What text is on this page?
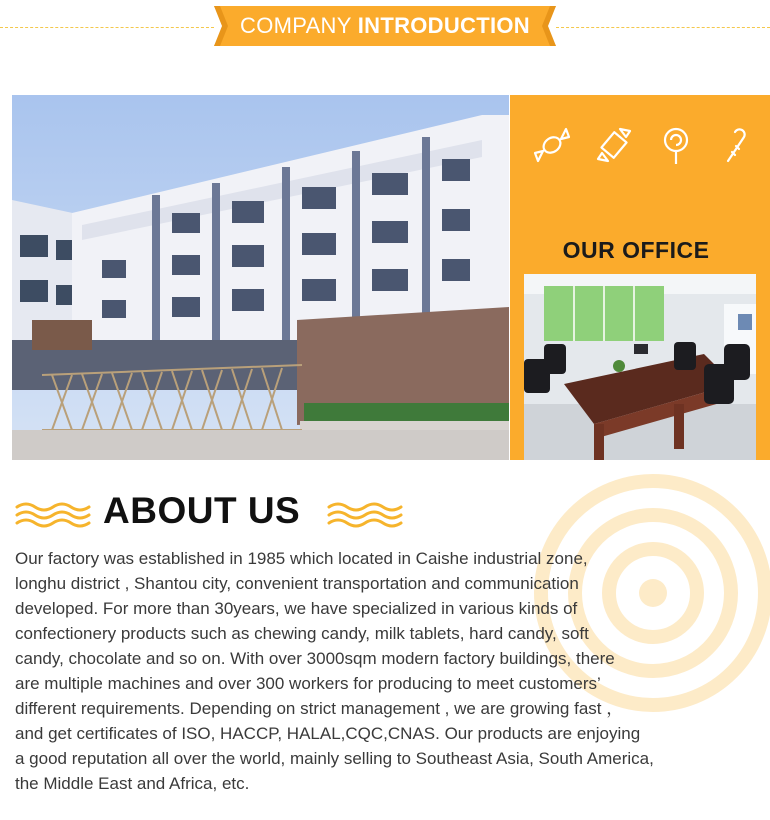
COMPANY INTRODUCTION
OUR OFFICE
ABOUT US
Our factory was established in 1985 which located in Caishe industrial zone,
longhu district , Shantou city, convenient transportation and communication
developed. For more than 30years, we have specialized in various kinds of
confectionery products such as chewing candy, milk tablets, hard candy, soft
candy, chocolate and so on. With over 3000sqm modern factory buildings, there
are multiple machines and over 300 workers for producing to meet customers’
different requirements. Depending on strict management , we are growing fast ，
and get certificates of ISO, HACCP, HALAL,CQC,CNAS. Our products are enjoying
a good reputation all over the world, mainly selling to Southeast Asia, South America,
the Middle East and Africa, etc.
